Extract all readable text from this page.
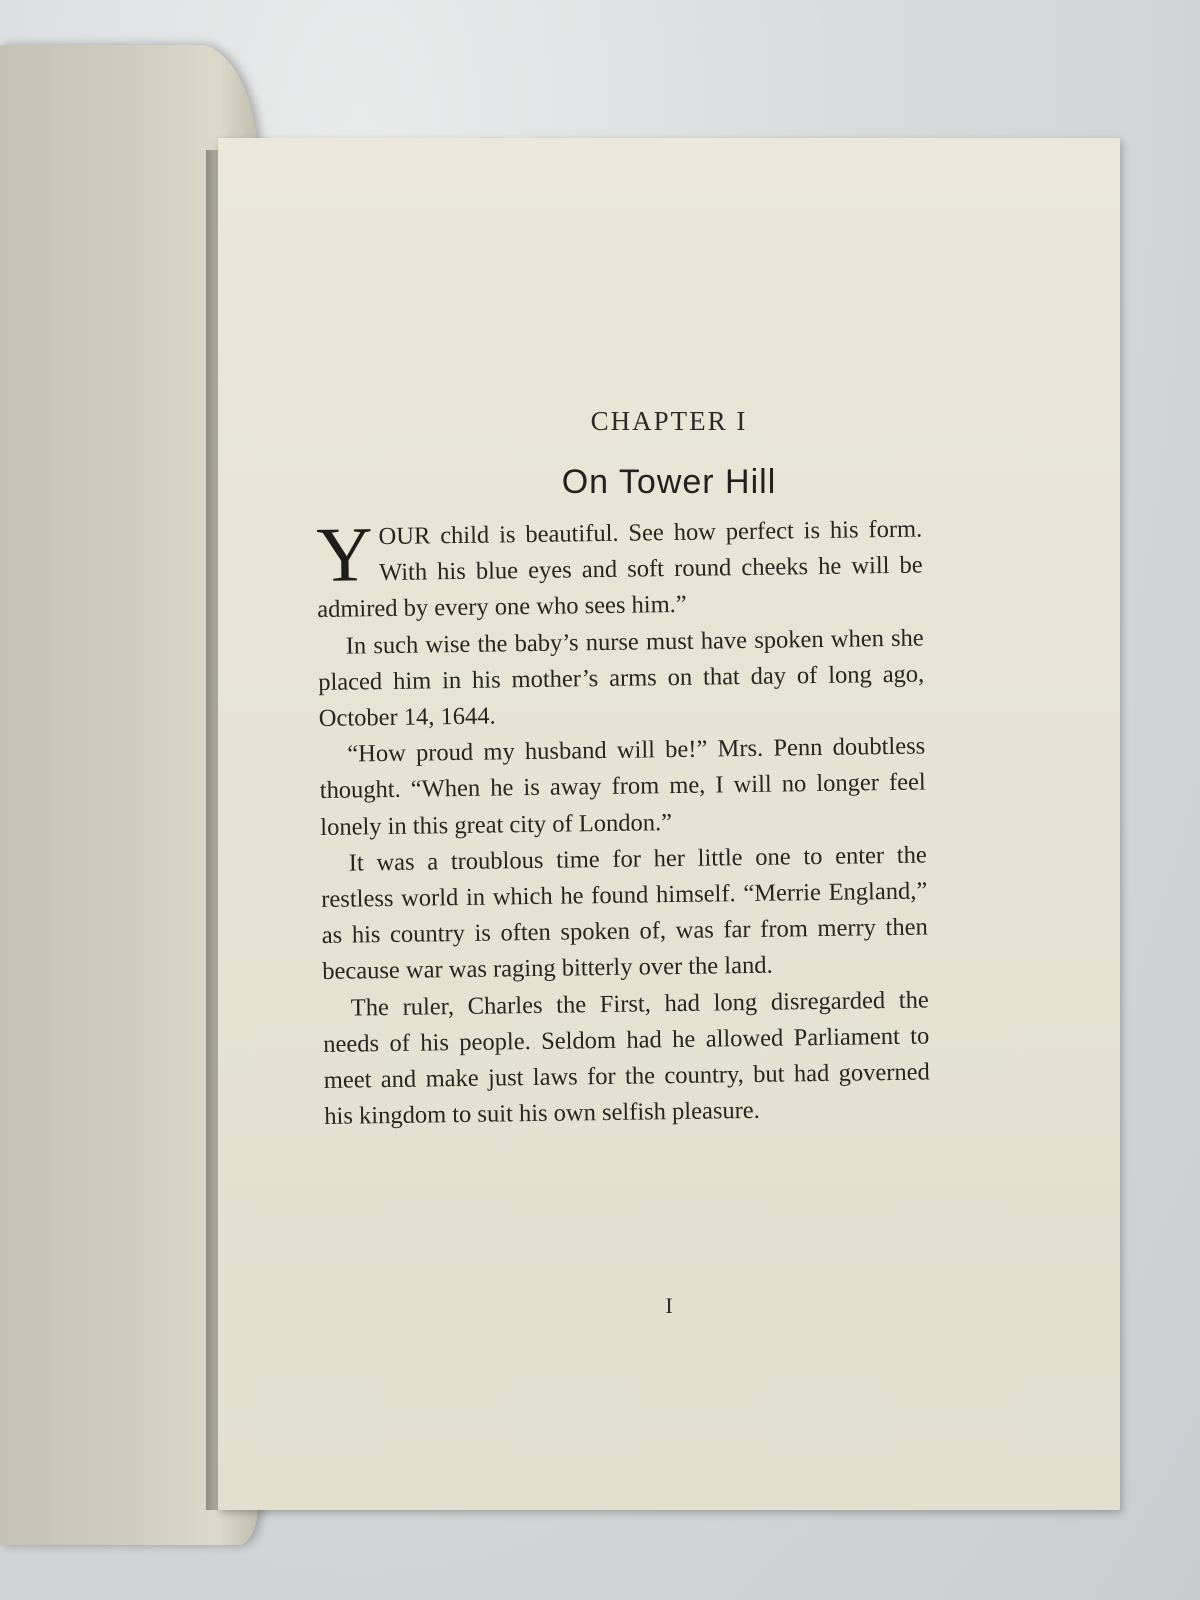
CHAPTER I
On Tower Hill

YOUR child is beautiful. See how perfect is his form. With his blue eyes and soft round cheeks he will be admired by every one who sees him.”

In such wise the baby’s nurse must have spoken when she placed him in his mother’s arms on that day of long ago, October 14, 1644.

“How proud my husband will be!” Mrs. Penn doubtless thought. “When he is away from me, I will no longer feel lonely in this great city of London.”

It was a troublous time for her little one to enter the restless world in which he found himself. “Merrie England,” as his country is often spoken of, was far from merry then because war was raging bitterly over the land.

The ruler, Charles the First, had long disregarded the needs of his people. Seldom had he allowed Parliament to meet and make just laws for the country, but had governed his kingdom to suit his own selfish pleasure.

I
